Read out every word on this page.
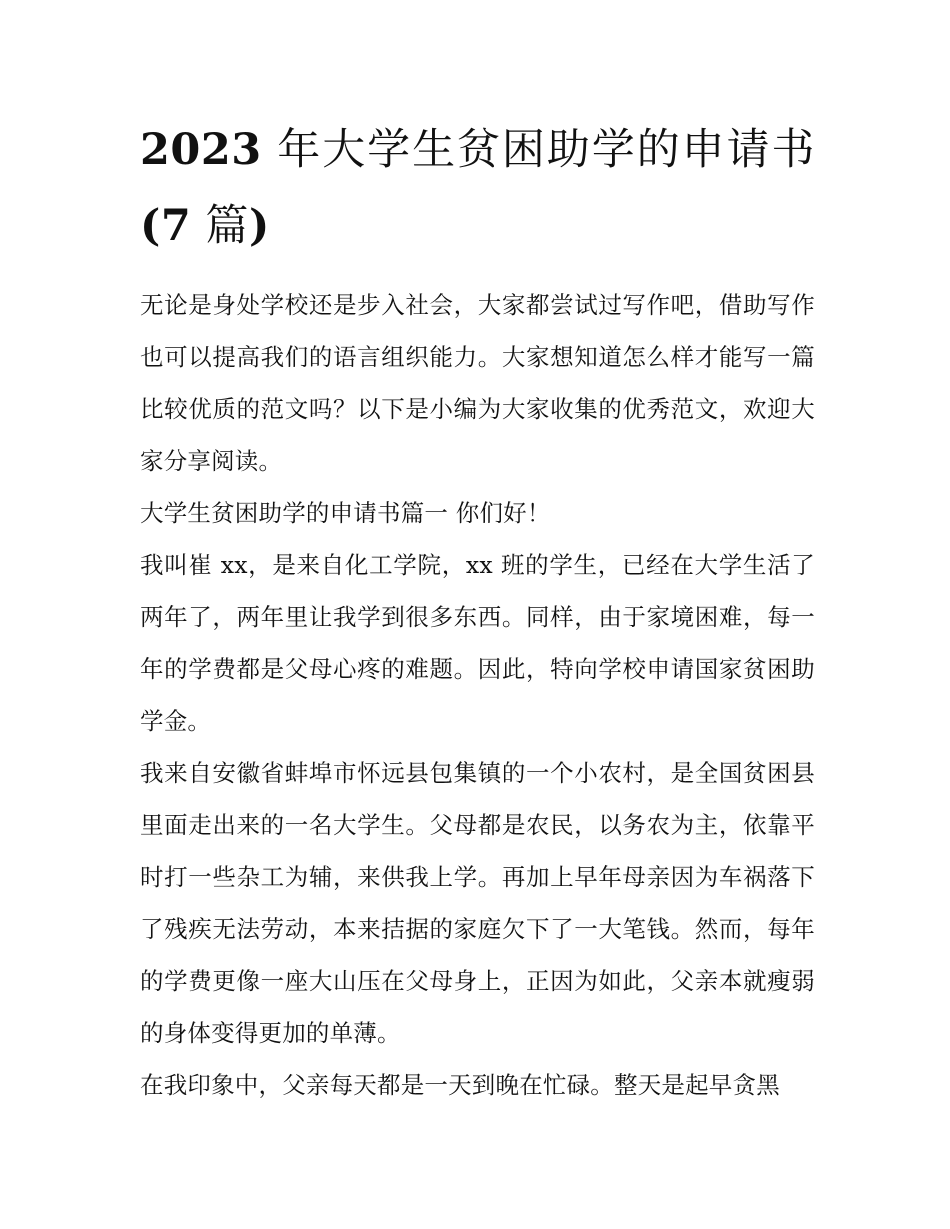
2023 年大学生贫困助学的申请书(7 篇)

无论是身处学校还是步入社会，大家都尝试过写作吧，借助写作也可以提高我们的语言组织能力。大家想知道怎么样才能写一篇比较优质的范文吗？以下是小编为大家收集的优秀范文，欢迎大家分享阅读。

大学生贫困助学的申请书篇一 你们好！

我叫崔 xx，是来自化工学院，xx 班的学生，已经在大学生活了两年了，两年里让我学到很多东西。同样，由于家境困难，每一年的学费都是父母心疼的难题。因此，特向学校申请国家贫困助学金。

我来自安徽省蚌埠市怀远县包集镇的一个小农村，是全国贫困县里面走出来的一名大学生。父母都是农民，以务农为主，依靠平时打一些杂工为辅，来供我上学。再加上早年母亲因为车祸落下了残疾无法劳动，本来拮据的家庭欠下了一大笔钱。然而，每年的学费更像一座大山压在父母身上，正因为如此，父亲本就瘦弱的身体变得更加的单薄。

在我印象中，父亲每天都是一天到晚在忙碌。整天是起早贪黑
